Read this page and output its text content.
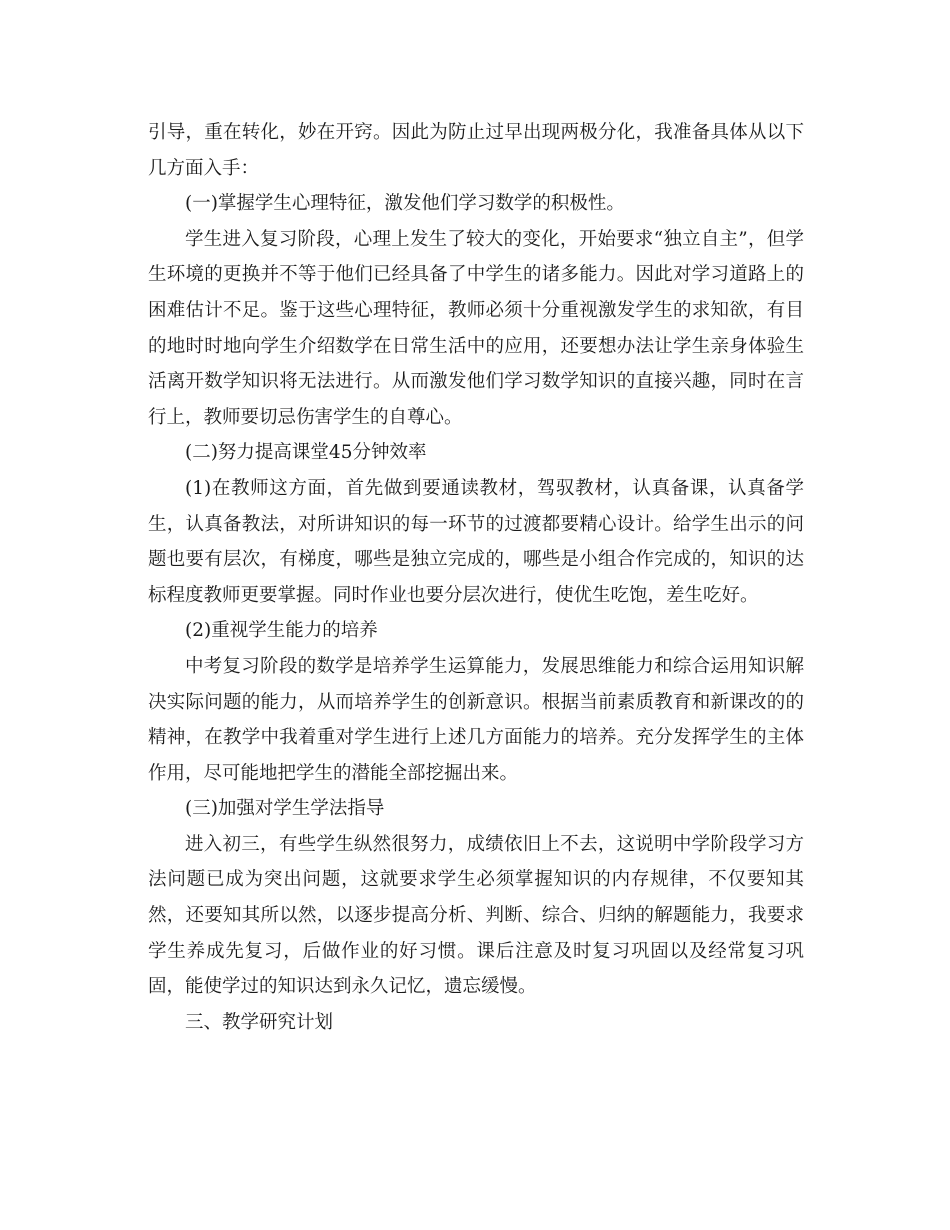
引导，重在转化，妙在开窍。因此为防止过早出现两极分化，我准备具体从以下几方面入手：

(一)掌握学生心理特征，激发他们学习数学的积极性。

学生进入复习阶段，心理上发生了较大的变化，开始要求“独立自主”，但学生环境的更换并不等于他们已经具备了中学生的诸多能力。因此对学习道路上的困难估计不足。鉴于这些心理特征，教师必须十分重视激发学生的求知欲，有目的地时时地向学生介绍数学在日常生活中的应用，还要想办法让学生亲身体验生活离开数学知识将无法进行。从而激发他们学习数学知识的直接兴趣，同时在言行上，教师要切忌伤害学生的自尊心。

(二)努力提高课堂45分钟效率

(1)在教师这方面，首先做到要通读教材，驾驭教材，认真备课，认真备学生，认真备教法，对所讲知识的每一环节的过渡都要精心设计。给学生出示的问题也要有层次，有梯度，哪些是独立完成的，哪些是小组合作完成的，知识的达标程度教师更要掌握。同时作业也要分层次进行，使优生吃饱，差生吃好。

(2)重视学生能力的培养

中考复习阶段的数学是培养学生运算能力，发展思维能力和综合运用知识解决实际问题的能力，从而培养学生的创新意识。根据当前素质教育和新课改的的精神，在教学中我着重对学生进行上述几方面能力的培养。充分发挥学生的主体作用，尽可能地把学生的潜能全部挖掘出来。

(三)加强对学生学法指导

进入初三，有些学生纵然很努力，成绩依旧上不去，这说明中学阶段学习方法问题已成为突出问题，这就要求学生必须掌握知识的内存规律，不仅要知其然，还要知其所以然，以逐步提高分析、判断、综合、归纳的解题能力，我要求学生养成先复习，后做作业的好习惯。课后注意及时复习巩固以及经常复习巩固，能使学过的知识达到永久记忆，遗忘缓慢。

三、教学研究计划
